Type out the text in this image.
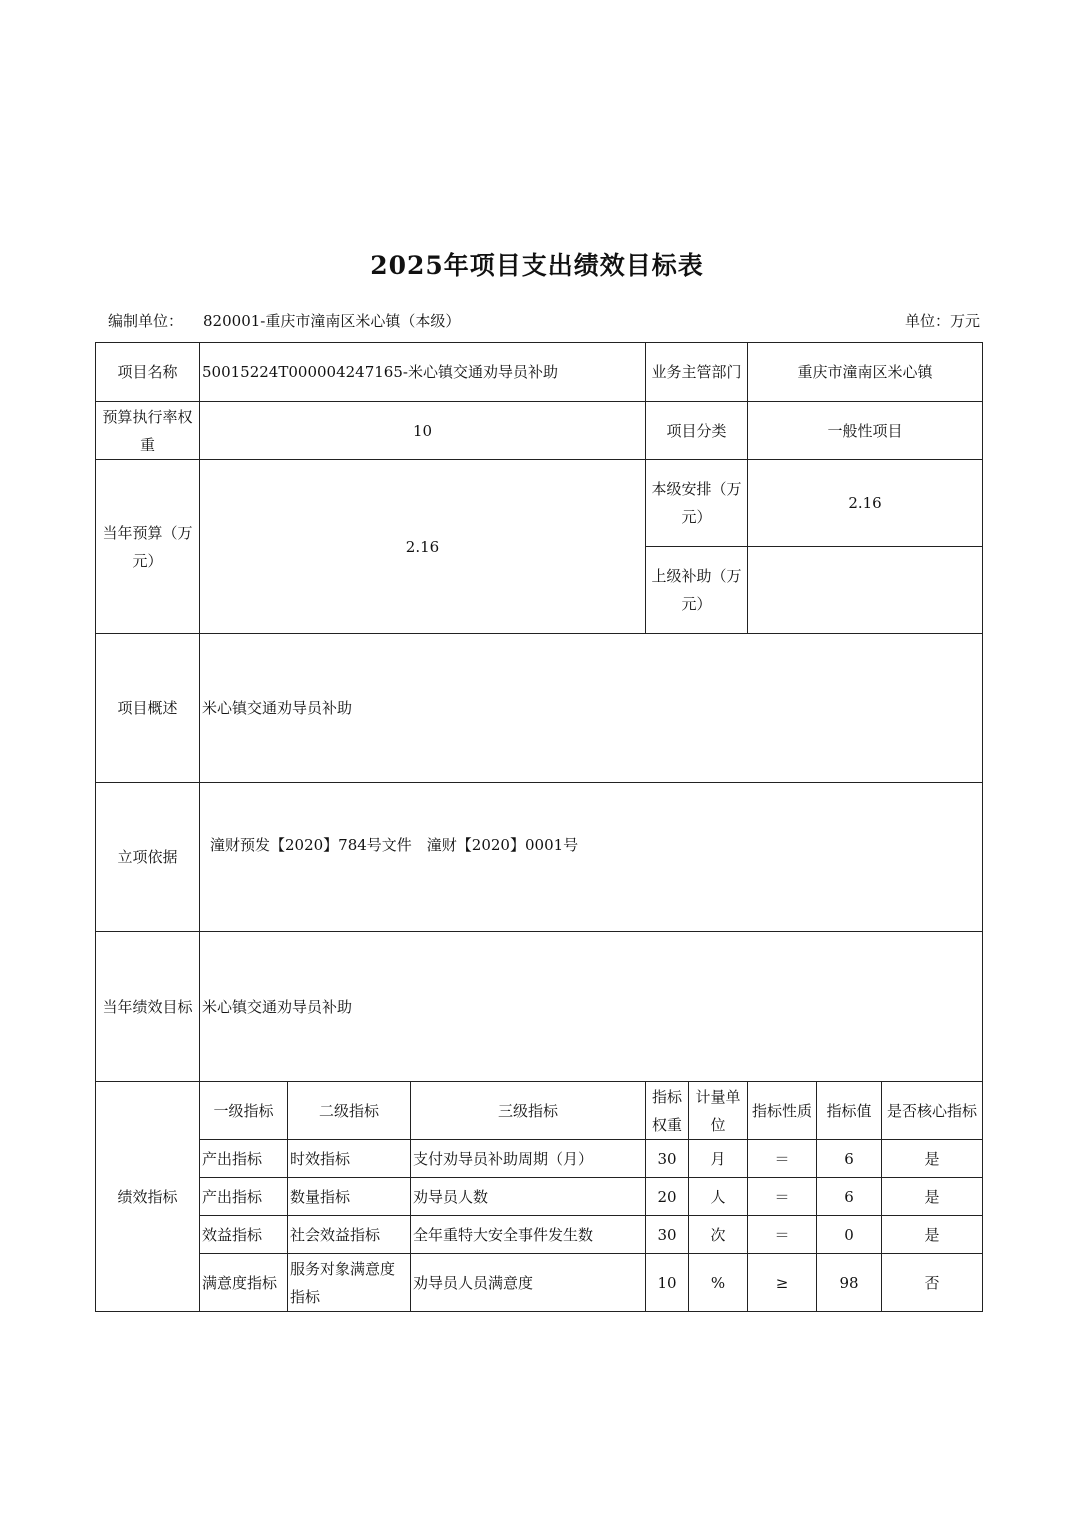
2025年项目支出绩效目标表
编制单位： 820001-重庆市潼南区米心镇（本级）	单位：万元
项目名称	50015224T000004247165-米心镇交通劝导员补助			业务主管部门		重庆市潼南区米心镇		
预算执行率权重	10			项目分类		一般性项目		
当年预算（万元）	2.16			本级安排（万元）		2.16		
				上级补助（万元）				
项目概述	米心镇交通劝导员补助							
立项依据	潼财预发【2020】784号文件　潼财【2020】0001号							
当年绩效目标	米心镇交通劝导员补助							
绩效指标	一级指标	二级指标	三级指标	指标权重	计量单位	指标性质	指标值	是否核心指标
	产出指标	时效指标	支付劝导员补助周期（月）	30	月	＝	6	是
	产出指标	数量指标	劝导员人数	20	人	＝	6	是
	效益指标	社会效益指标	全年重特大安全事件发生数	30	次	＝	0	是
	满意度指标	服务对象满意度指标	劝导员人员满意度	10	%	≥	98	否
